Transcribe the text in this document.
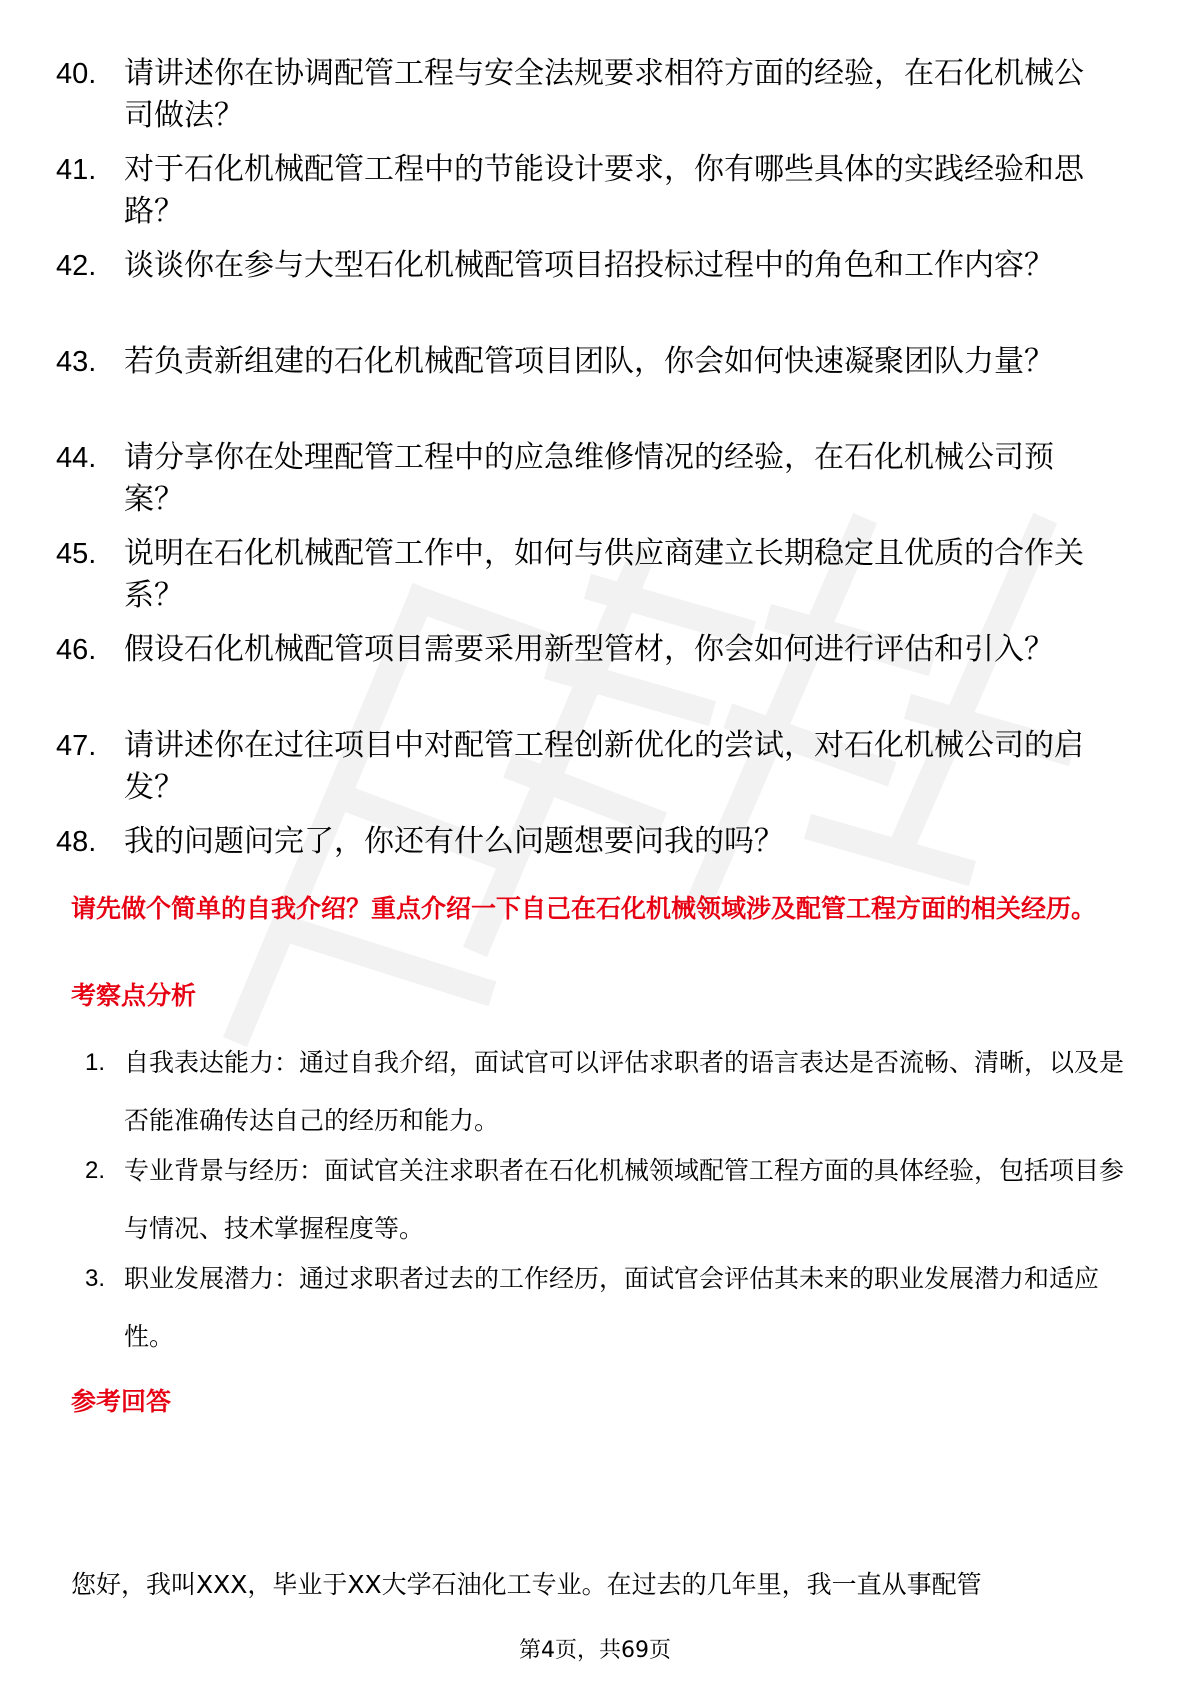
40. 请讲述你在协调配管工程与安全法规要求相符方面的经验，在石化机械公司做法？
41. 对于石化机械配管工程中的节能设计要求，你有哪些具体的实践经验和思路？
42. 谈谈你在参与大型石化机械配管项目招投标过程中的角色和工作内容？
43. 若负责新组建的石化机械配管项目团队，你会如何快速凝聚团队力量？
44. 请分享你在处理配管工程中的应急维修情况的经验，在石化机械公司预案？
45. 说明在石化机械配管工作中，如何与供应商建立长期稳定且优质的合作关系？
46. 假设石化机械配管项目需要采用新型管材，你会如何进行评估和引入？
47. 请讲述你在过往项目中对配管工程创新优化的尝试，对石化机械公司的启发？
48. 我的问题问完了，你还有什么问题想要问我的吗？
请先做个简单的自我介绍？重点介绍一下自己在石化机械领域涉及配管工程方面的相关经历。
考察点分析
1. 自我表达能力：通过自我介绍，面试官可以评估求职者的语言表达是否流畅、清晰，以及是否能准确传达自己的经历和能力。
2. 专业背景与经历：面试官关注求职者在石化机械领域配管工程方面的具体经验，包括项目参与情况、技术掌握程度等。
3. 职业发展潜力：通过求职者过去的工作经历，面试官会评估其未来的职业发展潜力和适应性。
参考回答
您好，我叫XXX，毕业于XX大学石油化工专业。在过去的几年里，我一直从事配管
第4页，共69页
